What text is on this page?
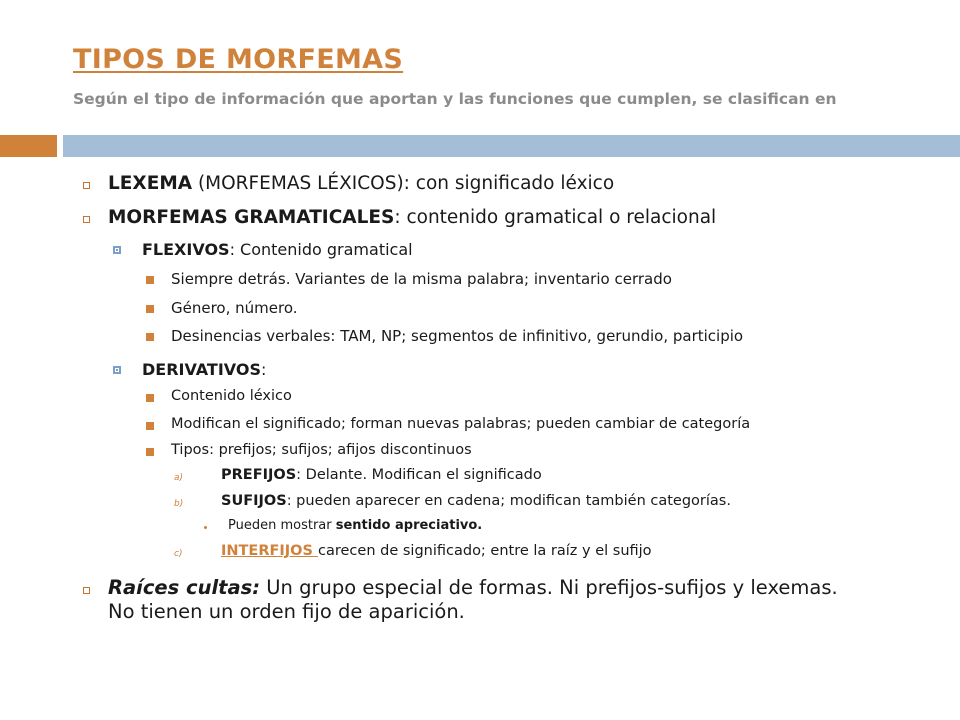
TIPOS DE MORFEMAS
Según el tipo de información que aportan y las funciones que cumplen, se clasifican en
LEXEMA (MORFEMAS LÉXICOS): con significado léxico
MORFEMAS GRAMATICALES: contenido gramatical o relacional
FLEXIVOS: Contenido gramatical
Siempre detrás. Variantes de la misma palabra; inventario cerrado
Género, número.
Desinencias verbales: TAM, NP; segmentos de infinitivo, gerundio, participio
DERIVATIVOS:
Contenido léxico
Modifican el significado; forman nuevas palabras; pueden cambiar de categoría
Tipos: prefijos; sufijos; afijos discontinuos
a)	PREFIJOS: Delante. Modifican el significado
b)	SUFIJOS: pueden aparecer en cadena; modifican también categorías.
Pueden mostrar sentido apreciativo.
c)	INTERFIJOS carecen de significado; entre la raíz y el sufijo
Raíces cultas: Un grupo especial de formas. Ni prefijos-sufijos y lexemas.
No tienen un orden fijo de aparición.
